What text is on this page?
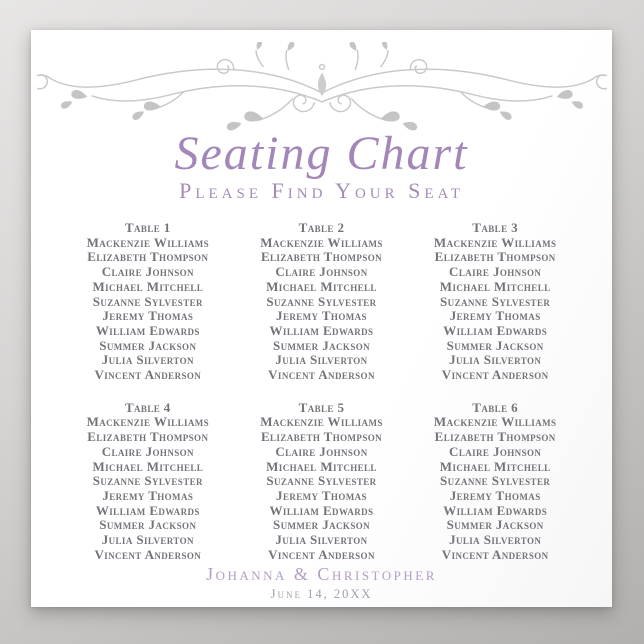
Seating Chart
Please Find Your Seat
Table 1
Mackenzie Williams
Elizabeth Thompson
Claire Johnson
Michael Mitchell
Suzanne Sylvester
Jeremy Thomas
William Edwards
Summer Jackson
Julia Silverton
Vincent Anderson
Table 2
Mackenzie Williams
Elizabeth Thompson
Claire Johnson
Michael Mitchell
Suzanne Sylvester
Jeremy Thomas
William Edwards
Summer Jackson
Julia Silverton
Vincent Anderson
Table 3
Mackenzie Williams
Elizabeth Thompson
Claire Johnson
Michael Mitchell
Suzanne Sylvester
Jeremy Thomas
William Edwards
Summer Jackson
Julia Silverton
Vincent Anderson
Table 4
Mackenzie Williams
Elizabeth Thompson
Claire Johnson
Michael Mitchell
Suzanne Sylvester
Jeremy Thomas
William Edwards
Summer Jackson
Julia Silverton
Vincent Anderson
Table 5
Mackenzie Williams
Elizabeth Thompson
Claire Johnson
Michael Mitchell
Suzanne Sylvester
Jeremy Thomas
William Edwards
Summer Jackson
Julia Silverton
Vincent Anderson
Table 6
Mackenzie Williams
Elizabeth Thompson
Claire Johnson
Michael Mitchell
Suzanne Sylvester
Jeremy Thomas
William Edwards
Summer Jackson
Julia Silverton
Vincent Anderson
Johanna & Christopher
June 14, 20XX
